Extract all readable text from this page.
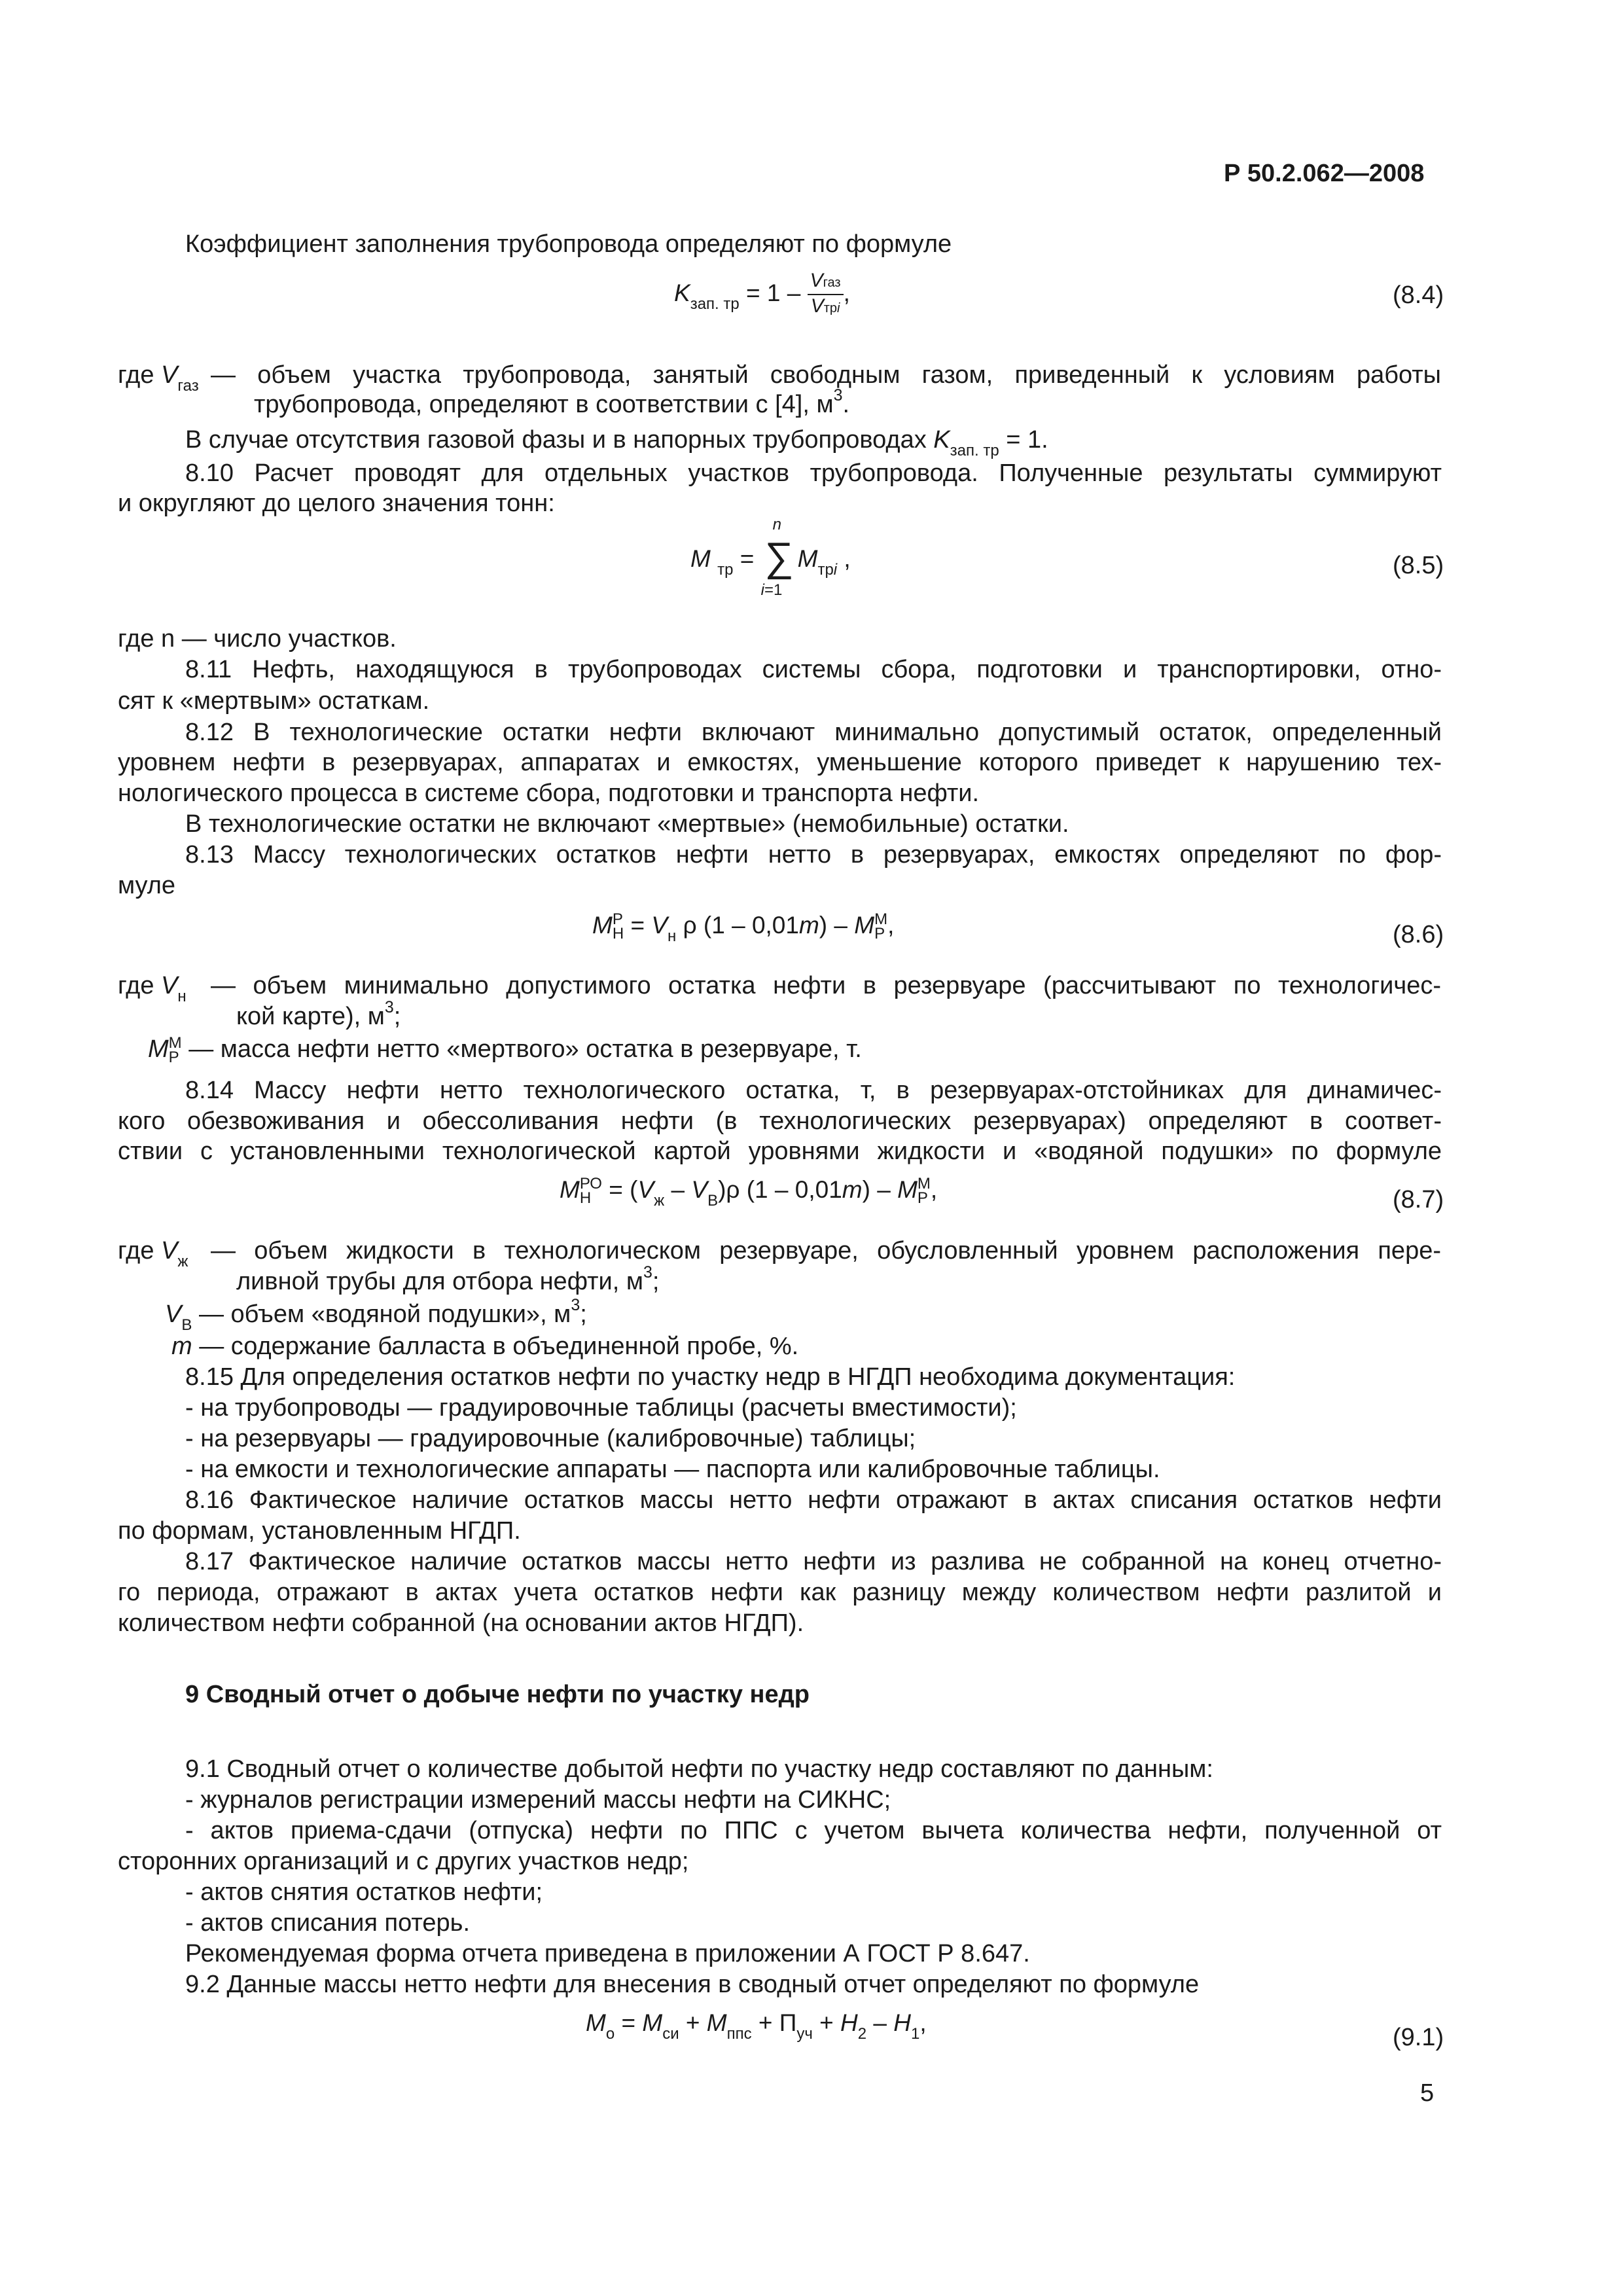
Р 50.2.062—2008
Коэффициент заполнения трубопровода определяют по формуле
$K_{зап. тр} = 1 - \frac{\text{Vгаз}}{\text{Vтрi}}$ ,	(8.4)
где $V_{газ}$ — объем участка трубопровода, занятый свободным газом, приведенный к условиям работы
трубопровода, определяют в соответствии с [4], $м^3$.
В случае отсутствия газовой фазы и в напорных трубопроводах $K_{зап. тр} = 1$.
8.10 Расчет проводят для отдельных участков трубопровода. Полученные результаты суммируют
и округляют до целого значения тонн:
M $_{тр}$ =
n
∑
i=1
$M_{трi}$ ,	(8.5)
где n — число участков.
8.11 Нефть, находящуюся в трубопроводах системы сбора, подготовки и транспортировки, отно-
сят к «мертвым» остаткам.
8.12 В технологические остатки нефти включают минимально допустимый остаток, определенный
уровнем нефти в резервуарах, аппаратах и емкостях, уменьшение которого приведет к нарушению тех-
нологического процесса в системе сбора, подготовки и транспорта нефти.
В технологические остатки не включают «мертвые» (немобильные) остатки.
8.13 Массу технологических остатков нефти нетто в резервуарах, емкостях определяют по фор-
муле
M Р
$Н = V_н$ ρ (1 – 0,01m) – M М
Р ,	(8.6)
где $V_н$ — объем минимально допустимого остатка нефти в резервуаре (рассчитывают по технологичес-
кой карте), $м^3$;
M М
Р — масса нефти нетто «мертвого» остатка в резервуаре, т.
8.14 Массу нефти нетто технологического остатка, т, в резервуарах-отстойниках для динамичес-
кого обезвоживания и обессоливания нефти (в технологических резервуарах) определяют в соответ-
ствии с установленными технологической картой уровнями жидкости и «водяной подушки» по формуле
M РО
$Н = (V_ж - V_В)\rho$ (1 – 0,01m) – M М
Р ,	(8.7)
где $V_ж$ — объем жидкости в технологическом резервуаре, обусловленный уровнем расположения пере-
ливной трубы для отбора нефти, $м^3$;
$V_В$ — объем «водяной подушки», $м^3$;
m — содержание балласта в объединенной пробе, %.
8.15 Для определения остатков нефти по участку недр в НГДП необходима документация:
- на трубопроводы — градуировочные таблицы (расчеты вместимости);
- на резервуары — градуировочные (калибровочные) таблицы;
- на емкости и технологические аппараты — паспорта или калибровочные таблицы.
8.16 Фактическое наличие остатков массы нетто нефти отражают в актах списания остатков нефти
по формам, установленным НГДП.
8.17 Фактическое наличие остатков массы нетто нефти из разлива не собранной на конец отчетно-
го периода, отражают в актах учета остатков нефти как разницу между количеством нефти разлитой и
количеством нефти собранной (на основании актов НГДП).
9 Сводный отчет о добыче нефти по участку недр
9.1 Сводный отчет о количестве добытой нефти по участку недр составляют по данным:
- журналов регистрации измерений массы нефти на СИКНС;
- актов приема-сдачи (отпуска) нефти по ППС с учетом вычета количества нефти, полученной от
сторонних организаций и с других участков недр;
- актов снятия остатков нефти;
- актов списания потерь.
Рекомендуемая форма отчета приведена в приложении А ГОСТ Р 8.647.
9.2 Данные массы нетто нефти для внесения в сводный отчет определяют по формуле
$M_о = M_{си} + M_{ппс} + П_{уч} + H_2 - H_1$,
(9.1)
5
